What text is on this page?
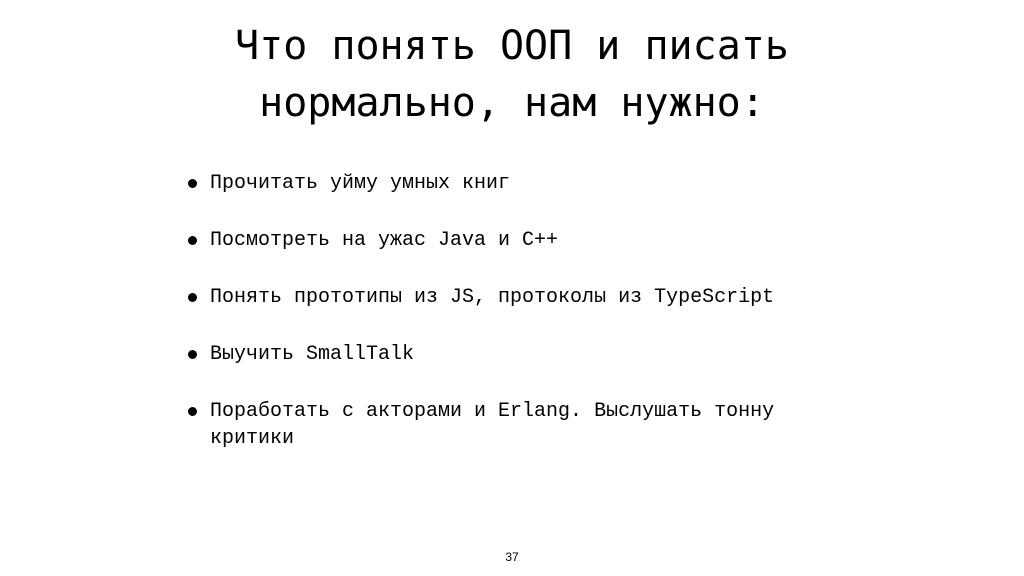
Что понять ООП и писать
нормально, нам нужно:
Прочитать уйму умных книг
Посмотреть на ужас Java и C++
Понять прототипы из JS, протоколы из TypeScript
Выучить SmallTalk
Поработать с акторами и Erlang. Выслушать тонну критики
37
